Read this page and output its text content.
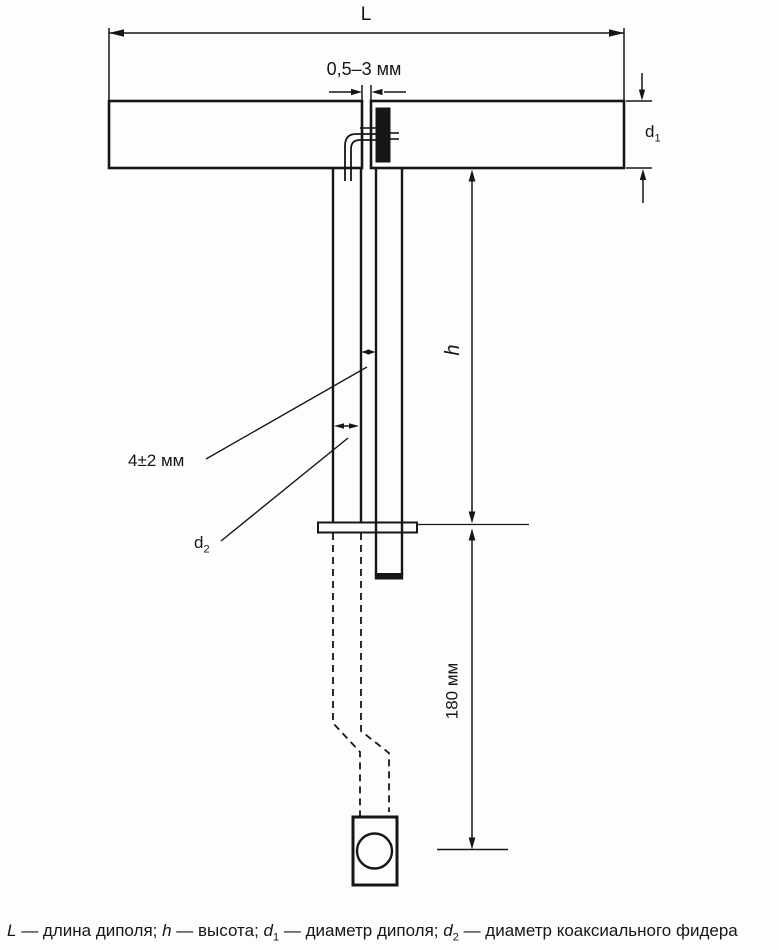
L
0,5–3 мм
$d_1$
h
4±2 мм
$d_2$
180 мм
L — длина диполя; h — высота; $d_1$ — диаметр диполя; $d_2$ — диаметр коаксиального фидера
